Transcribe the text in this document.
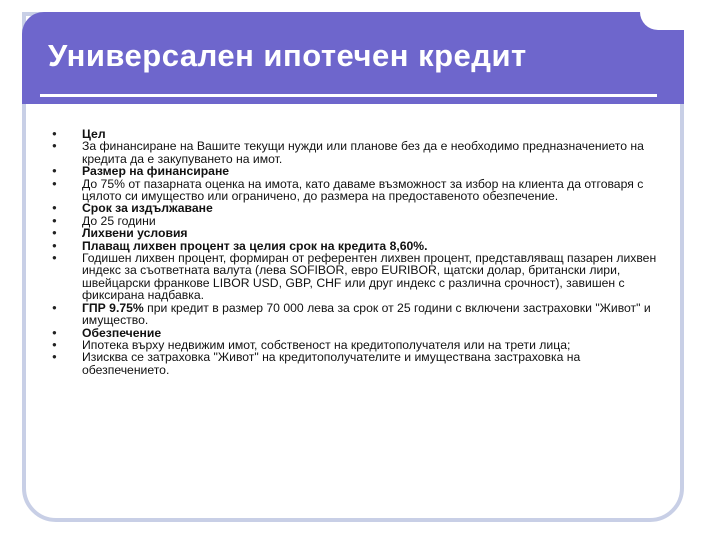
Универсален ипотечен кредит
●	Цел
●	За финансиране на Вашите текущи нужди или планове без да е необходимо предназначението на кредита да е закупуването на имот.
●	Размер на финансиране
●	До 75% от пазарната оценка на имота, като даваме възможност за избор на клиента да отговаря с цялото си имущество или ограничено, до размера на предоставеното обезпечение.
●	Срок за издължаване
●	До 25 години
●	Лихвени условия
●	Плаващ лихвен процент за целия срок на кредита 8,60%.
●	Годишен лихвен процент, формиран от референтен лихвен процент, представляващ пазарен лихвен индекс за съответната валута (лева SOFIBOR, евро EURIBOR, щатски долар, британски лири, швейцарски франкове LIBOR USD, GBP, CHF или друг индекс с различна срочност), завишен с фиксирана надбавка.
●	ГПР 9.75% при кредит в размер 70 000 лева за срок от 25 години с включени застраховки "Живот" и имущество.
●	Обезпечение
●	Ипотека върху недвижим имот, собственост на кредитополучателя или на трети лица;
●	Изисква се затраховка "Живот" на кредитополучателите и имуществана застраховка на обезпечението.
